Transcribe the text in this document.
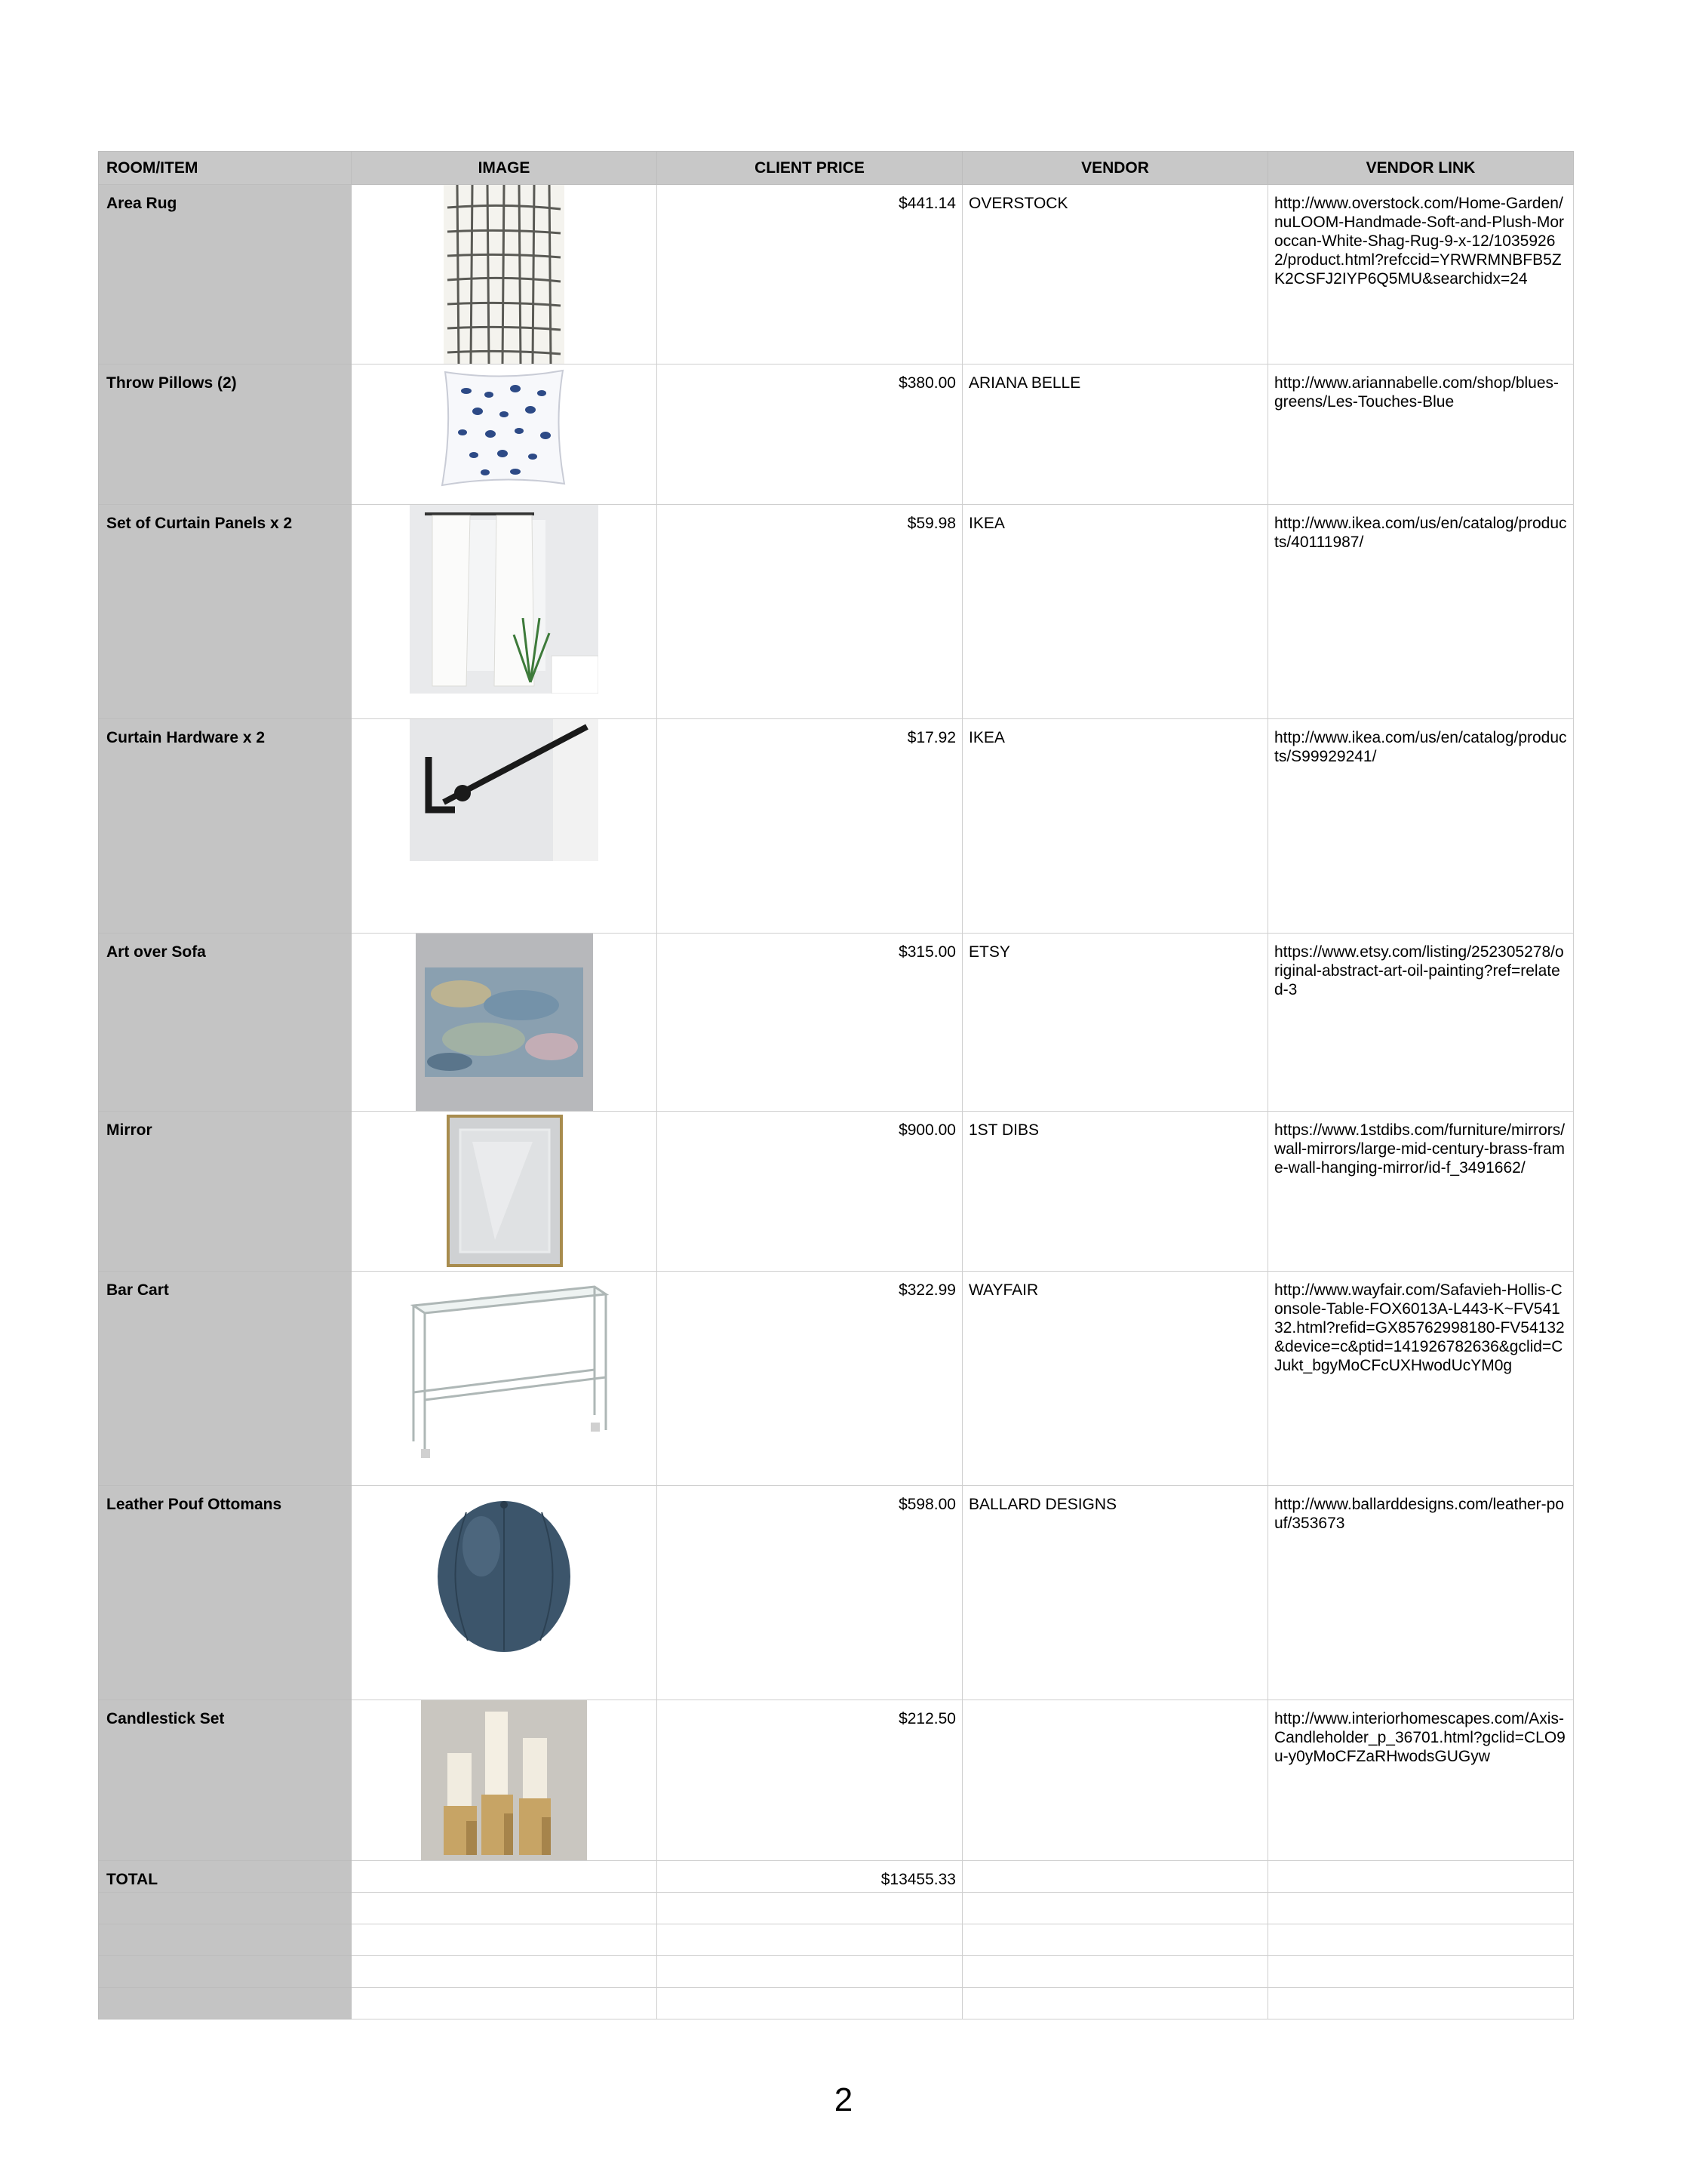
ROOM/ITEM	IMAGE	CLIENT PRICE	VENDOR	VENDOR LINK
Area Rug		$441.14	OVERSTOCK	http://www.overstock.com/Home-Garden/nuLOOM-Handmade-Soft-and-Plush-Moroccan-White-Shag-Rug-9-x-12/10359262/product.html?refccid=YRWRMNBFB5ZK2CSFJ2IYP6Q5MU&searchidx=24
Throw Pillows (2)		$380.00	ARIANA BELLE	http://www.ariannabelle.com/shop/blues-greens/Les-Touches-Blue
Set of Curtain Panels x 2		$59.98	IKEA	http://www.ikea.com/us/en/catalog/products/40111987/
Curtain Hardware x 2		$17.92	IKEA	http://www.ikea.com/us/en/catalog/products/S99929241/
Art over Sofa		$315.00	ETSY	https://www.etsy.com/listing/252305278/original-abstract-art-oil-painting?ref=related-3
Mirror		$900.00	1ST DIBS	https://www.1stdibs.com/furniture/mirrors/wall-mirrors/large-mid-century-brass-frame-wall-hanging-mirror/id-f_3491662/
Bar Cart		$322.99	WAYFAIR	http://www.wayfair.com/Safavieh-Hollis-Console-Table-FOX6013A-L443-K~FV54132.html?refid=GX85762998180-FV54132&device=c&ptid=141926782636&gclid=CJukt_bgyMoCFcUXHwodUcYM0g
Leather Pouf Ottomans		$598.00	BALLARD DESIGNS	http://www.ballarddesigns.com/leather-pouf/353673
Candlestick Set		$212.50		http://www.interiorhomescapes.com/Axis-Candleholder_p_36701.html?gclid=CLO9u-y0yMoCFZaRHwodsGUGyw
TOTAL		$13455.33		

2
